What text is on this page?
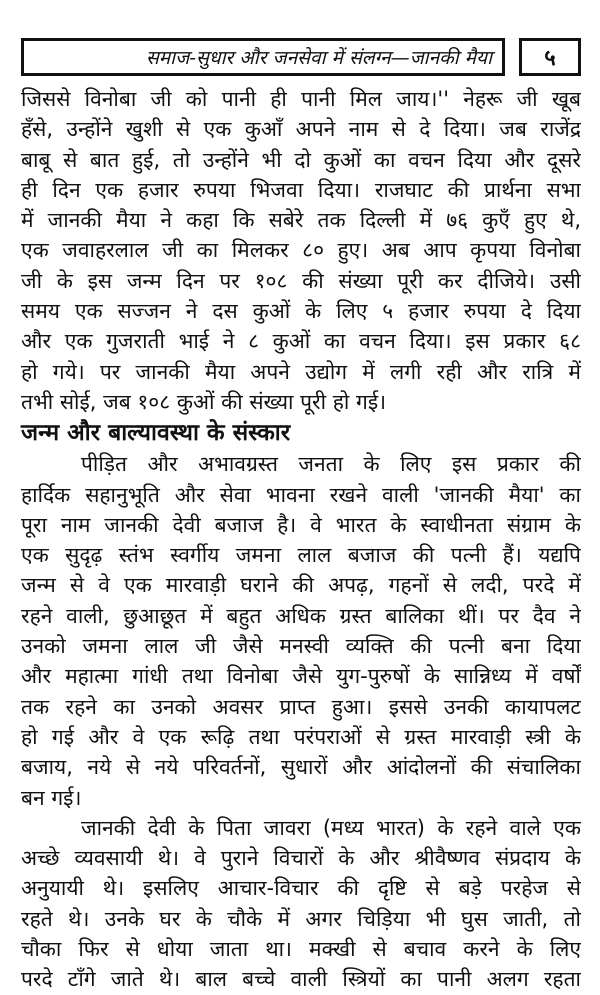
समाज-सुधार और जनसेवा में संलग्न—जानकी मैया	५
जिससे विनोबा जी को पानी ही पानी मिल जाय।'' नेहरू जी खूब
हँसे, उन्होंने खुशी से एक कुआँ अपने नाम से दे दिया। जब राजेंद्र
बाबू से बात हुई, तो उन्होंने भी दो कुओं का वचन दिया और दूसरे
ही दिन एक हजार रुपया भिजवा दिया। राजघाट की प्रार्थना सभा
में जानकी मैया ने कहा कि सबेरे तक दिल्ली में ७६ कुएँ हुए थे,
एक जवाहरलाल जी का मिलकर ८० हुए। अब आप कृपया विनोबा
जी के इस जन्म दिन पर १०८ की संख्या पूरी कर दीजिये। उसी
समय एक सज्जन ने दस कुओं के लिए ५ हजार रुपया दे दिया
और एक गुजराती भाई ने ८ कुओं का वचन दिया। इस प्रकार ६८
हो गये। पर जानकी मैया अपने उद्योग में लगी रही और रात्रि में
तभी सोई, जब १०८ कुओं की संख्या पूरी हो गई।
जन्म और बाल्यावस्था के संस्कार
पीड़ित और अभावग्रस्त जनता के लिए इस प्रकार की
हार्दिक सहानुभूति और सेवा भावना रखने वाली 'जानकी मैया' का
पूरा नाम जानकी देवी बजाज है। वे भारत के स्वाधीनता संग्राम के
एक सुदृढ़ स्तंभ स्वर्गीय जमना लाल बजाज की पत्नी हैं। यद्यपि
जन्म से वे एक मारवाड़ी घराने की अपढ़, गहनों से लदी, परदे में
रहने वाली, छुआछूत में बहुत अधिक ग्रस्त बालिका थीं। पर दैव ने
उनको जमना लाल जी जैसे मनस्वी व्यक्ति की पत्नी बना दिया
और महात्मा गांधी तथा विनोबा जैसे युग-पुरुषों के सान्निध्य में वर्षों
तक रहने का उनको अवसर प्राप्त हुआ। इससे उनकी कायापलट
हो गई और वे एक रूढ़ि तथा परंपराओं से ग्रस्त मारवाड़ी स्त्री के
बजाय, नये से नये परिवर्तनों, सुधारों और आंदोलनों की संचालिका
बन गई।
जानकी देवी के पिता जावरा (मध्य भारत) के रहने वाले एक
अच्छे व्यवसायी थे। वे पुराने विचारों के और श्रीवैष्णव संप्रदाय के
अनुयायी थे। इसलिए आचार-विचार की दृष्टि से बड़े परहेज से
रहते थे। उनके घर के चौके में अगर चिड़िया भी घुस जाती, तो
चौका फिर से धोया जाता था। मक्खी से बचाव करने के लिए
परदे टाँगे जाते थे। बाल बच्चे वाली स्त्रियों का पानी अलग रहता
